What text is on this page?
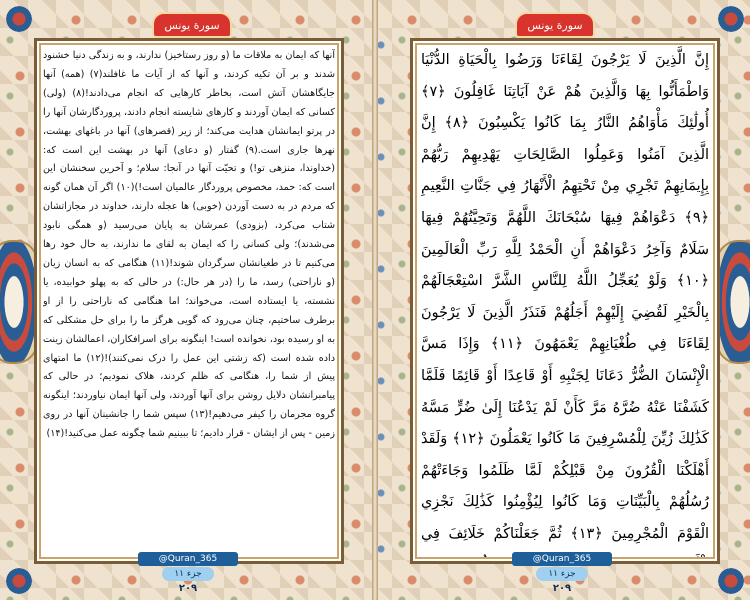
سورة یونس
آنها که ایمان به ملاقات ما (و روز رستاخیز) ندارند، و به زندگی دنیا خشنود شدند و بر آن تکیه کردند، و آنها که از آیات ما غافلند(۷) (همه) آنها جایگاهشان آتش است، بخاطر کارهایی که انجام می‌دادند!(۸) (ولی) کسانی که ایمان آوردند و کارهای شایسته انجام دادند، پروردگارشان آنها را در پرتو ایمانشان هدایت می‌کند؛ از زیر (قصرهای) آنها در باغهای بهشت، نهرها جاری است.(۹) گفتار (و دعای) آنها در بهشت این است که: (خداوندا، منزهی تو!) و تحیّت آنها در آنجا: سلام؛ و آخرین سخنشان این است که: حمد، مخصوص پروردگار عالمیان است!)(۱۰) اگر آن همان گونه که مردم در به دست آوردن (خوبی) ها عجله دارند، خداوند در مجازاتشان شتاب می‌کرد، (بزودی) عمرشان به پایان می‌رسید (و همگی نابود می‌شدند)؛ ولی کسانی را که ایمان به لقای ما ندارند، به حال خود رها می‌کنیم تا در طغیانشان سرگردان شوند!(۱۱) هنگامی که به انسان زیان (و ناراحتی) رسد، ما را (در هر حال:) در حالی که به پهلو خوابیده، یا نشسته، یا ایستاده است، می‌خواند؛ اما هنگامی که ناراحتی را از او برطرف ساختیم، چنان می‌رود که گویی هرگز ما را برای حل مشکلی که به او رسیده بود، نخوانده است! اینگونه برای اسرافکاران، اعمالشان زینت داده شده است (که زشتی این عمل را درک نمی‌کنند)!(۱۲) ما امتهای پیش از شما را، هنگامی که ظلم کردند، هلاک نمودیم؛ در حالی که پیامبرانشان دلایل روشن برای آنها آوردند، ولی آنها ایمان نیاوردند؛ اینگونه گروه مجرمان را کیفر می‌دهیم!(۱۳) سپس شما را جانشینان آنها در روی زمین - پس از ایشان - قرار دادیم؛ تا ببینیم شما چگونه عمل می‌کنید!(۱۴)
@Quran_365
جزء ۱۱
۲۰۹
سورة یونس
إِنَّ الَّذِينَ لَا يَرْجُونَ لِقَاءَنَا وَرَضُوا بِالْحَيَاةِ الدُّنْيَا وَاطْمَأَنُّوا بِهَا وَالَّذِينَ هُمْ عَنْ آيَاتِنَا غَافِلُونَ ﴿٧﴾ أُولَٰئِكَ مَأْوَاهُمُ النَّارُ بِمَا كَانُوا يَكْسِبُونَ ﴿٨﴾ إِنَّ الَّذِينَ آمَنُوا وَعَمِلُوا الصَّالِحَاتِ يَهْدِيهِمْ رَبُّهُمْ بِإِيمَانِهِمْ تَجْرِي مِنْ تَحْتِهِمُ الْأَنْهَارُ فِي جَنَّاتِ النَّعِيمِ ﴿٩﴾ دَعْوَاهُمْ فِيهَا سُبْحَانَكَ اللَّهُمَّ وَتَحِيَّتُهُمْ فِيهَا سَلَامٌ وَآخِرُ دَعْوَاهُمْ أَنِ الْحَمْدُ لِلَّهِ رَبِّ الْعَالَمِينَ ﴿١٠﴾ وَلَوْ يُعَجِّلُ اللَّهُ لِلنَّاسِ الشَّرَّ اسْتِعْجَالَهُمْ بِالْخَيْرِ لَقُضِيَ إِلَيْهِمْ أَجَلُهُمْ فَنَذَرُ الَّذِينَ لَا يَرْجُونَ لِقَاءَنَا فِي طُغْيَانِهِمْ يَعْمَهُونَ ﴿١١﴾ وَإِذَا مَسَّ الْإِنْسَانَ الضُّرُّ دَعَانَا لِجَنْبِهِ أَوْ قَاعِدًا أَوْ قَائِمًا فَلَمَّا كَشَفْنَا عَنْهُ ضُرَّهُ مَرَّ كَأَنْ لَمْ يَدْعُنَا إِلَىٰ ضُرٍّ مَسَّهُ كَذَٰلِكَ زُيِّنَ لِلْمُسْرِفِينَ مَا كَانُوا يَعْمَلُونَ ﴿١٢﴾ وَلَقَدْ أَهْلَكْنَا الْقُرُونَ مِنْ قَبْلِكُمْ لَمَّا ظَلَمُوا وَجَاءَتْهُمْ رُسُلُهُمْ بِالْبَيِّنَاتِ وَمَا كَانُوا لِيُؤْمِنُوا كَذَٰلِكَ نَجْزِي الْقَوْمَ الْمُجْرِمِينَ ﴿١٣﴾ ثُمَّ جَعَلْنَاكُمْ خَلَائِفَ فِي
@Quran_365
جزء ۱۱
۲۰۹
